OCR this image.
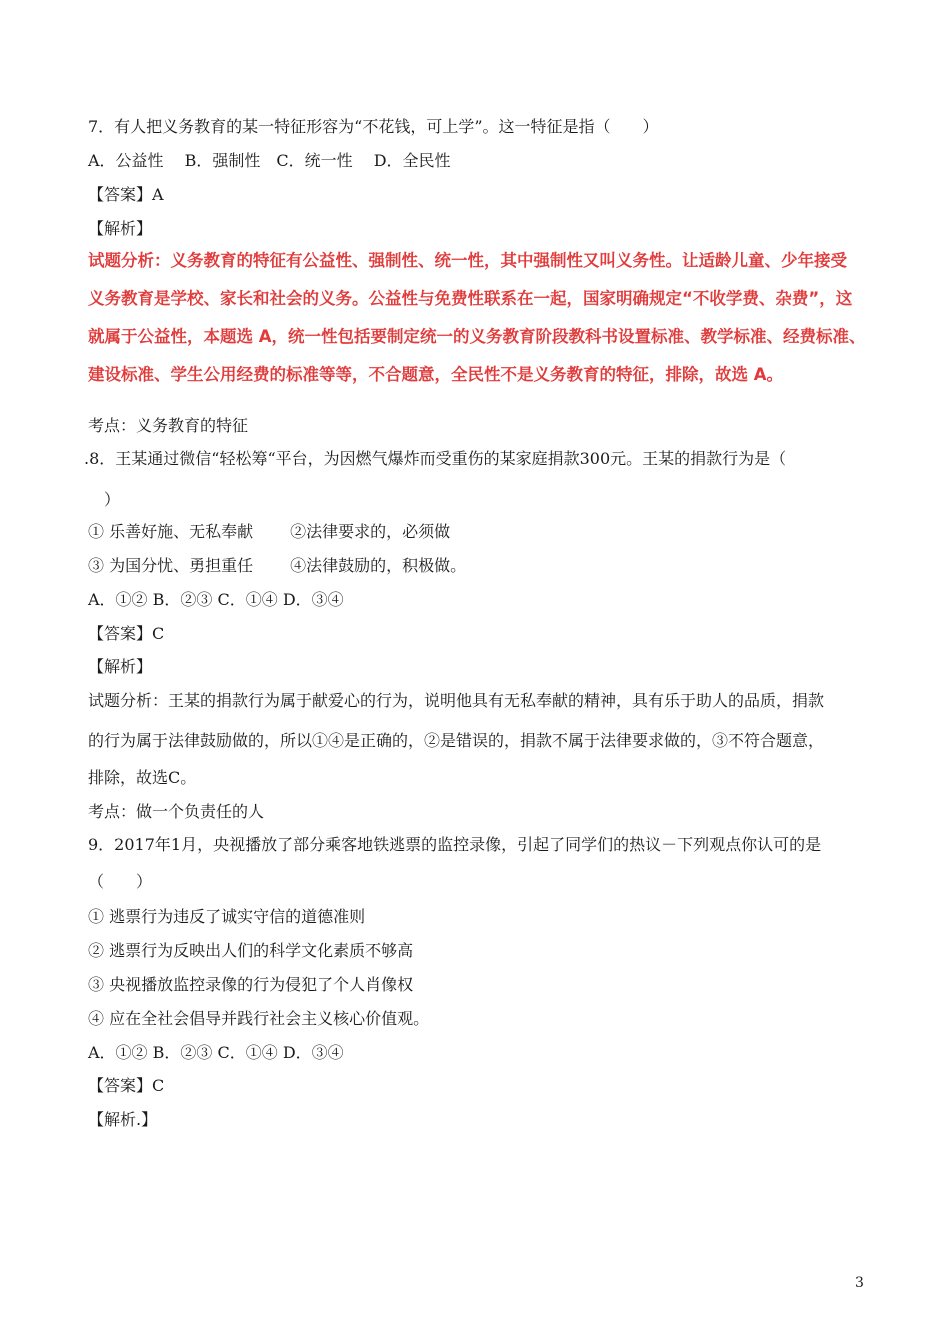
7．有人把义务教育的某一特征形容为“不花钱，可上学”。这一特征是指（　　）
A．公益性　 B．强制性　C．统一性　 D．全民性
【答案】A
【解析】
试题分析：义务教育的特征有公益性、强制性、统一性，其中强制性又叫义务性。让适龄儿童、少年接受
义务教育是学校、家长和社会的义务。公益性与免费性联系在一起，国家明确规定“不收学费、杂费”，这
就属于公益性，本题选 A，统一性包括要制定统一的义务教育阶段教科书设置标准、教学标准、经费标准、
建设标准、学生公用经费的标准等等，不合题意，全民性不是义务教育的特征，排除，故选 A。
考点：义务教育的特征
.8．王某通过微信“轻松筹“平台，为因燃气爆炸而受重伤的某家庭捐款300元。王某的捐款行为是（
）
① 乐善好施、无私奉献　　 ②法律要求的，必须做
③ 为国分忧、勇担重任　　 ④法律鼓励的，积极做。
A．①② B．②③ C．①④ D．③④
【答案】C
【解析】
试题分析：王某的捐款行为属于献爱心的行为，说明他具有无私奉献的精神，具有乐于助人的品质，捐款
的行为属于法律鼓励做的，所以①④是正确的，②是错误的，捐款不属于法律要求做的，③不符合题意，
排除，故选C。
考点：做一个负责任的人
9．2017年1月，央视播放了部分乘客地铁逃票的监控录像，引起了同学们的热议－下列观点你认可的是
（　　）
① 逃票行为违反了诚实守信的道德准则
② 逃票行为反映出人们的科学文化素质不够高
③ 央视播放监控录像的行为侵犯了个人肖像权
④ 应在全社会倡导并践行社会主义核心价值观。
A．①② B．②③ C．①④ D．③④
【答案】C
【解析.】
3
